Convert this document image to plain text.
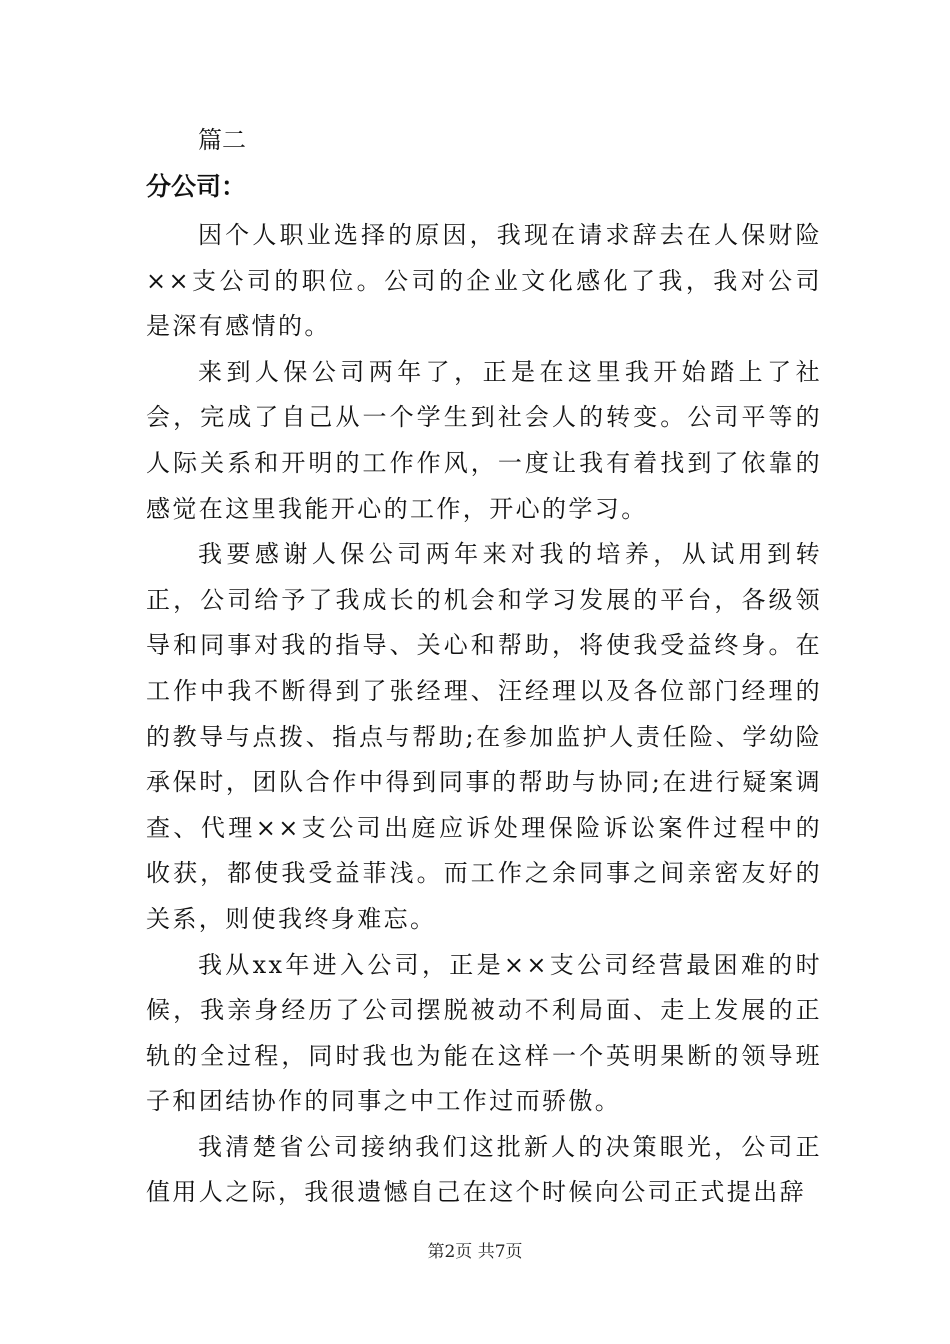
篇二

分公司：

因个人职业选择的原因，我现在请求辞去在人保财险××支公司的职位。公司的企业文化感化了我，我对公司是深有感情的。

来到人保公司两年了，正是在这里我开始踏上了社会，完成了自己从一个学生到社会人的转变。公司平等的人际关系和开明的工作作风，一度让我有着找到了依靠的感觉在这里我能开心的工作，开心的学习。

我要感谢人保公司两年来对我的培养，从试用到转正，公司给予了我成长的机会和学习发展的平台，各级领导和同事对我的指导、关心和帮助，将使我受益终身。在工作中我不断得到了张经理、汪经理以及各位部门经理的的教导与点拨、指点与帮助;在参加监护人责任险、学幼险承保时，团队合作中得到同事的帮助与协同;在进行疑案调查、代理××支公司出庭应诉处理保险诉讼案件过程中的收获，都使我受益菲浅。而工作之余同事之间亲密友好的关系，则使我终身难忘。

我从xx年进入公司，正是××支公司经营最困难的时候，我亲身经历了公司摆脱被动不利局面、走上发展的正轨的全过程，同时我也为能在这样一个英明果断的领导班子和团结协作的同事之中工作过而骄傲。

我清楚省公司接纳我们这批新人的决策眼光，公司正值用人之际，我很遗憾自己在这个时候向公司正式提出辞

第2页 共7页
